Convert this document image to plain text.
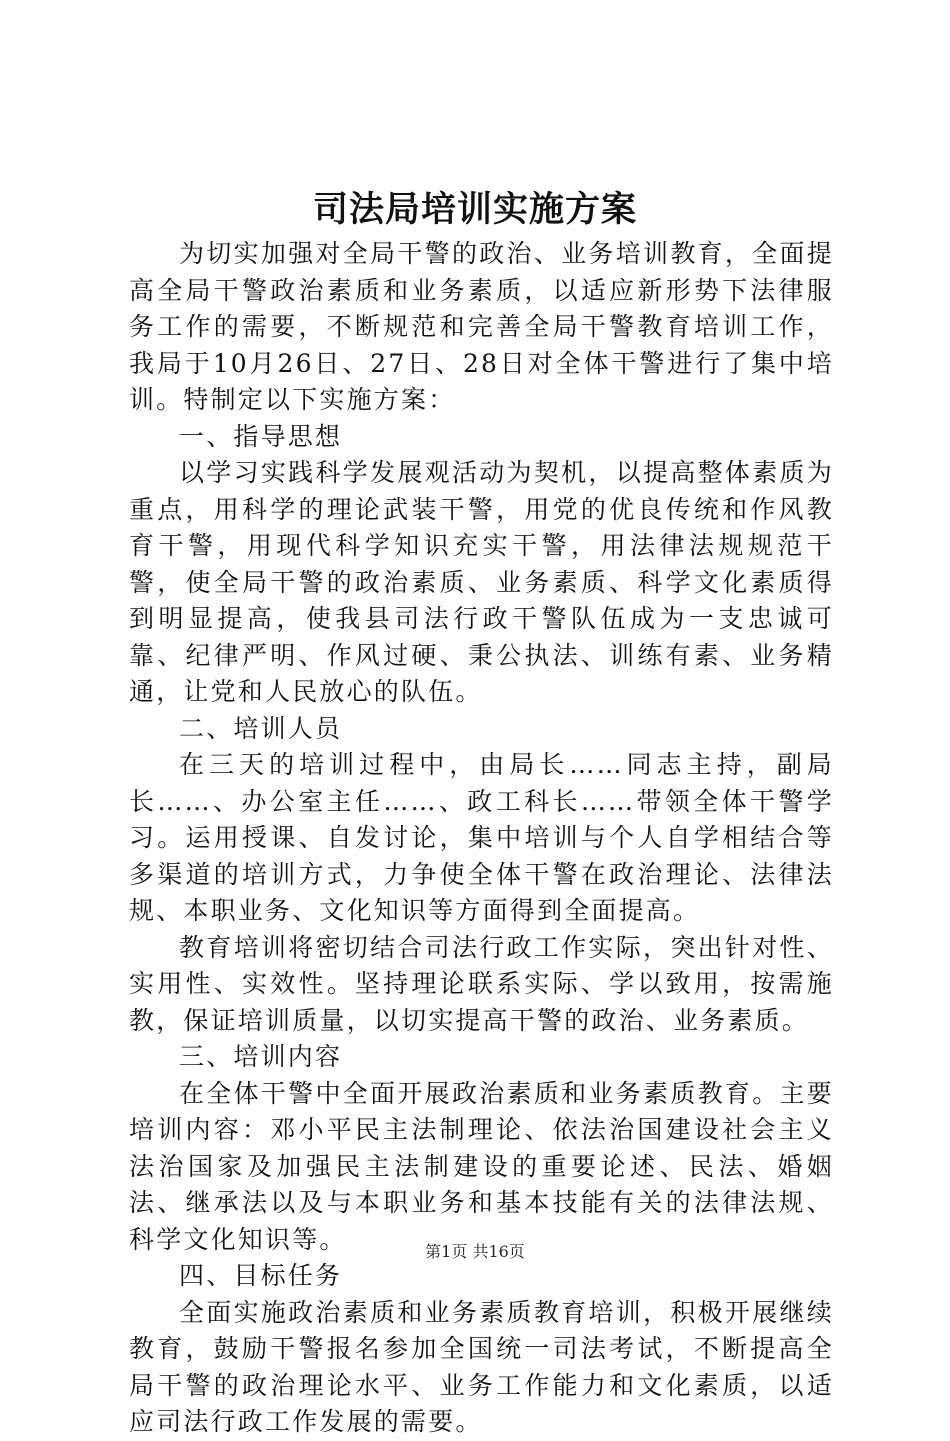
司法局培训实施方案

为切实加强对全局干警的政治、业务培训教育，全面提高全局干警政治素质和业务素质，以适应新形势下法律服务工作的需要，不断规范和完善全局干警教育培训工作，我局于10月26日、27日、28日对全体干警进行了集中培训。特制定以下实施方案：

一、指导思想

以学习实践科学发展观活动为契机，以提高整体素质为重点，用科学的理论武装干警，用党的优良传统和作风教育干警，用现代科学知识充实干警，用法律法规规范干警，使全局干警的政治素质、业务素质、科学文化素质得到明显提高，使我县司法行政干警队伍成为一支忠诚可靠、纪律严明、作风过硬、秉公执法、训练有素、业务精通，让党和人民放心的队伍。

二、培训人员

在三天的培训过程中，由局长……同志主持，副局长……、办公室主任……、政工科长……带领全体干警学习。运用授课、自发讨论，集中培训与个人自学相结合等多渠道的培训方式，力争使全体干警在政治理论、法律法规、本职业务、文化知识等方面得到全面提高。

教育培训将密切结合司法行政工作实际，突出针对性、实用性、实效性。坚持理论联系实际、学以致用，按需施教，保证培训质量，以切实提高干警的政治、业务素质。

三、培训内容

在全体干警中全面开展政治素质和业务素质教育。主要培训内容：邓小平民主法制理论、依法治国建设社会主义法治国家及加强民主法制建设的重要论述、民法、婚姻法、继承法以及与本职业务和基本技能有关的法律法规、科学文化知识等。

四、目标任务

全面实施政治素质和业务素质教育培训，积极开展继续教育，鼓励干警报名参加全国统一司法考试，不断提高全局干警的政治理论水平、业务工作能力和文化素质，以适应司法行政工作发展的需要。

第1页 共16页
